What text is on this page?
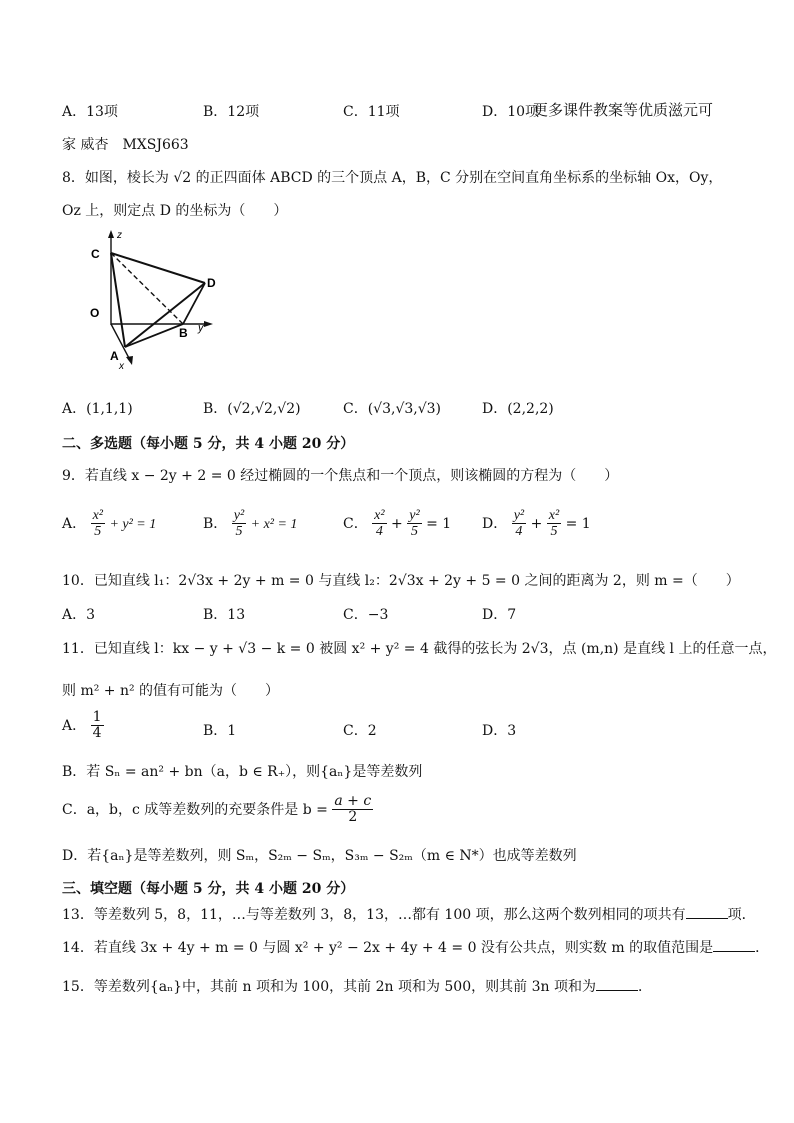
A．13项	B．12项	C．11项	D．10项
更多课件教案等优质滋元可
家 威杏　MXSJ663
8．如图，棱长为 √2 的正四面体 ABCD 的三个顶点 A，B，C 分别在空间直角坐标系的坐标轴 Ox，Oy，
Oz 上，则定点 D 的坐标为（　　）
z
C
D
O
B y
A
x
A．(1,1,1)	B．(√2,√2,√2)	C．(√3,√3,√3)	D．(2,2,2)
二、多选题（每小题 5 分，共 4 小题 20 分）
9．若直线 x − 2y + 2 = 0 经过椭圆的一个焦点和一个顶点，则该椭圆的方程为（　　）
A． $\frac{\text{x²}}{5} + y^2 = 1$	B． $\frac{\text{y²}}{5} + x^2 = 1$	C． $\frac{\text{x²}}{4} + \frac{\text{y²}}{5} = 1$ D． $\frac{\text{y²}}{4} + \frac{\text{x²}}{5} = 1$
10．已知直线 l₁：2√3x + 2y + m = 0 与直线 l₂：2√3x + 2y + 5 = 0 之间的距离为 2，则 m =（　　）
A．3	B．13	C．−3	D．7
11．已知直线 l：kx − y + √3 − k = 0 被圆 x² + y² = 4 截得的弦长为 2√3，点 (m,n) 是直线 l 上的任意一点，
则 m² + n² 的值有可能为（　　）
A． $\frac{1}{4}$	B．1	C．2	D．3
B．若 Sₙ = an² + bn（a，b ∈ R₊），则{aₙ}是等差数列
C．a，b，c 成等差数列的充要条件是 $b = \frac{a + c}{2}$
D．若{aₙ}是等差数列，则 Sₘ，S₂ₘ − Sₘ，S₃ₘ − S₂ₘ（m ∈ N*）也成等差数列
三、填空题（每小题 5 分，共 4 小题 20 分）
13．等差数列 5，8，11，…与等差数列 3，8，13，…都有 100 项，那么这两个数列相同的项共有	项．
14．若直线 3x + 4y + m = 0 与圆 x² + y² − 2x + 4y + 4 = 0 没有公共点，则实数 m 的取值范围是	．
15．等差数列{aₙ}中，其前 n 项和为 100，其前 2n 项和为 500，则其前 3n 项和为	．
